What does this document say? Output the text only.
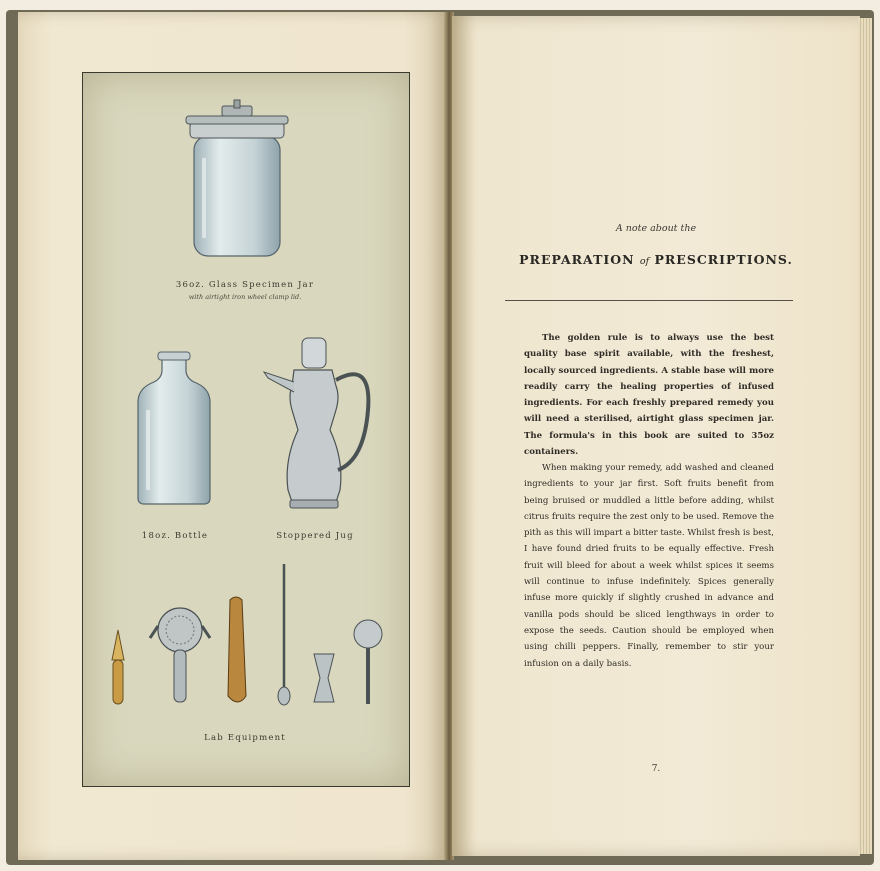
36oz. Glass Specimen Jar
with airtight iron wheel clamp lid.
18oz. Bottle	Stoppered Jug
Lab Equipment
A note about the
PREPARATION of PRESCRIPTIONS.
The golden rule is to always use the best quality base spirit available, with the freshest, locally sourced ingredients. A stable base will more readily carry the healing properties of infused ingredients. For each freshly prepared remedy you will need a sterilised, airtight glass specimen jar. The formula's in this book are suited to 35oz containers.
When making your remedy, add washed and cleaned ingredients to your jar first. Soft fruits benefit from being bruised or muddled a little before adding, whilst citrus fruits require the zest only to be used. Remove the pith as this will impart a bitter taste. Whilst fresh is best, I have found dried fruits to be equally effective. Fresh fruit will bleed for about a week whilst spices it seems will continue to infuse indefinitely. Spices generally infuse more quickly if slightly crushed in advance and vanilla pods should be sliced lengthways in order to expose the seeds. Caution should be employed when using chilli peppers. Finally, remember to stir your infusion on a daily basis.
7.
